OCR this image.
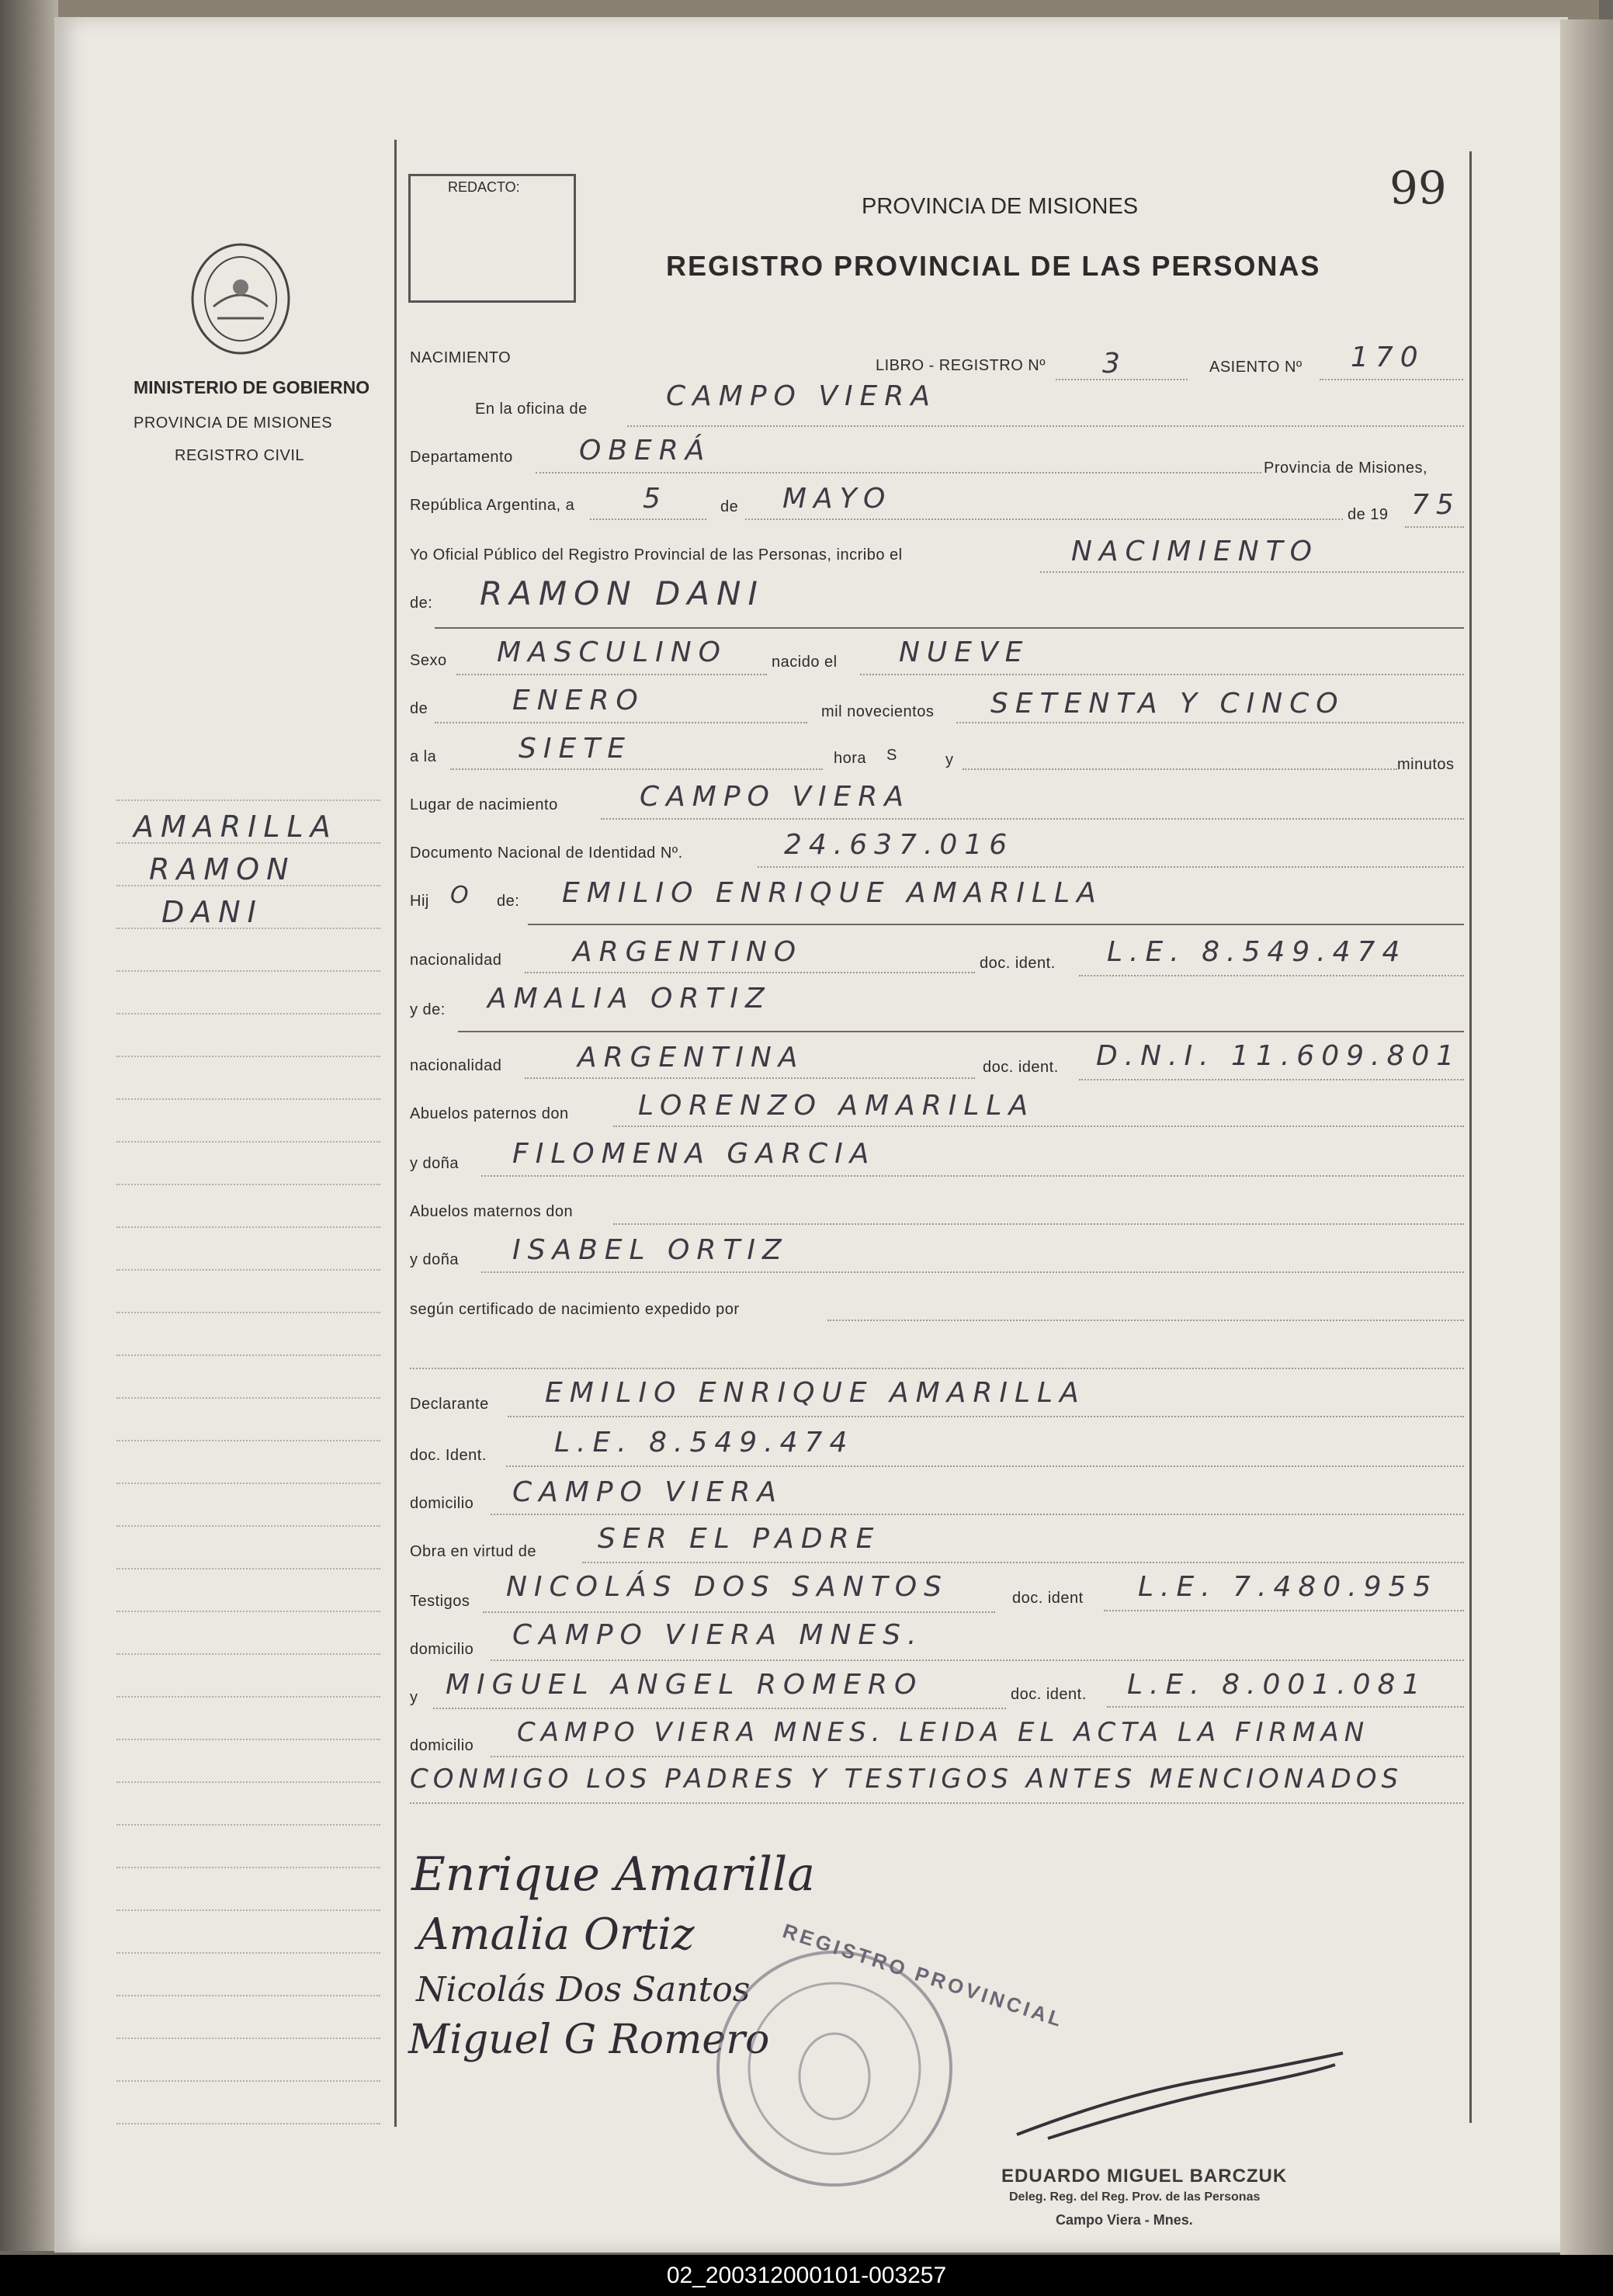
MINISTERIO DE GOBIERNO
PROVINCIA DE MISIONES
REGISTRO CIVIL
AMARILLA
RAMON
DANI
REDACTO:
PROVINCIA DE MISIONES	99
REGISTRO PROVINCIAL DE LAS PERSONAS
NACIMIENTO	LIBRO - REGISTRO Nº 3	ASIENTO Nº 170
En la oficina de	CAMPO VIERA
Departamento OBERÁ
Provincia de Misiones,
República Argentina, a 5	de MAYO	de 19 75
Yo Oficial Público del Registro Provincial de las Personas, incribo el	NACIMIENTO
de: RAMON DANI
Sexo MASCULINO	nacido el NUEVE
de	ENERO	mil novecientos SETENTA Y CINCO
a la	SIETE	hora S	y	minutos
Lugar de nacimiento	CAMPO VIERA
Documento Nacional de Identidad Nº.	24.637.016
Hij O de: EMILIO ENRIQUE AMARILLA
nacionalidad	ARGENTINO	doc. ident. L.E. 8.549.474
y de: AMALIA ORTIZ
nacionalidad	ARGENTINA	doc. ident. D.N.I. 11.609.801
Abuelos paternos don LORENZO AMARILLA
y doña FILOMENA GARCIA
Abuelos maternos don
y doña ISABEL ORTIZ
según certificado de nacimiento expedido por
Declarante EMILIO ENRIQUE AMARILLA
doc. Ident. L.E. 8.549.474
domicilio CAMPO VIERA
Obra en virtud de SER EL PADRE
Testigos NICOLÁS DOS SANTOS	doc. ident L.E. 7.480.955
domicilio CAMPO VIERA MNES.
y MIGUEL ANGEL ROMERO	doc. ident. L.E. 8.001.081
domicilio CAMPO VIERA MNES. LEIDA EL ACTA LA FIRMAN
CONMIGO LOS PADRES Y TESTIGOS ANTES MENCIONADOS
Enrique Amarilla
Amalia Ortiz
Nicolás Dos Santos
Miguel G Romero
REGISTRO PROVINCIAL
EDUARDO MIGUEL BARCZUK
Deleg. Reg. del Reg. Prov. de las Personas
Campo Viera - Mnes.
02_200312000101-003257
